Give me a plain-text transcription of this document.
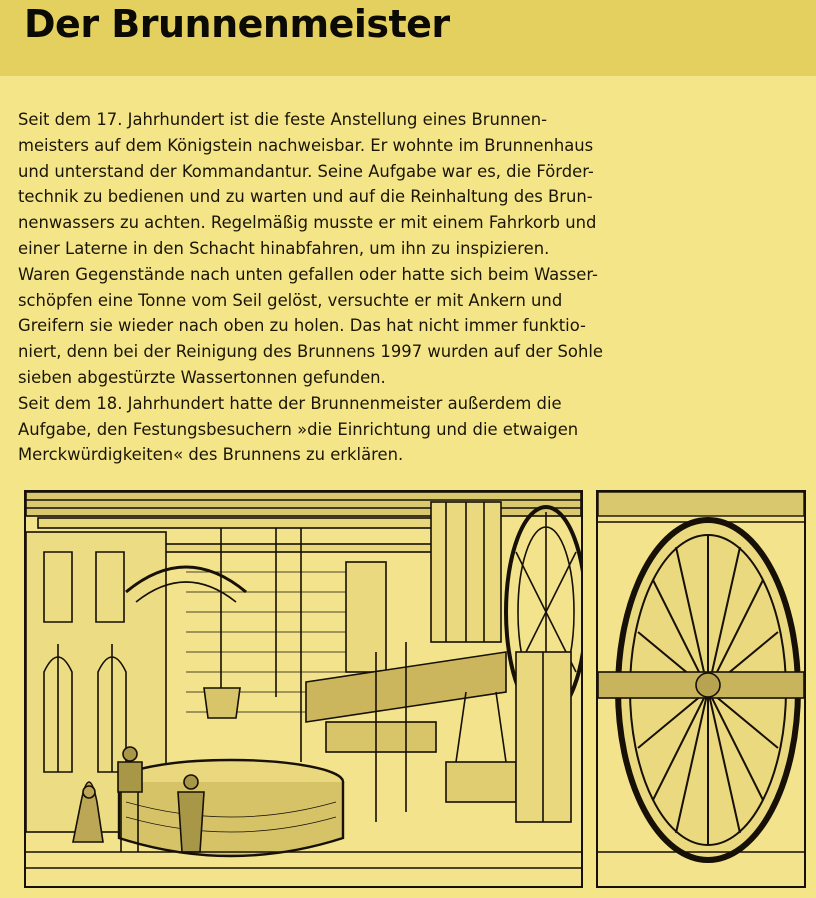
Der Brunnenmeister
Seit dem 17. Jahrhundert ist die feste Anstellung eines Brunnen-
meisters auf dem Königstein nachweisbar. Er wohnte im Brunnenhaus
und unterstand der Kommandantur. Seine Aufgabe war es, die Förder-
technik zu bedienen und zu warten und auf die Reinhaltung des Brun-
nenwassers zu achten. Regelmäßig musste er mit einem Fahrkorb und
einer Laterne in den Schacht hinabfahren, um ihn zu inspizieren.
Waren Gegenstände nach unten gefallen oder hatte sich beim Wasser-
schöpfen eine Tonne vom Seil gelöst, versuchte er mit Ankern und
Greifern sie wieder nach oben zu holen. Das hat nicht immer funktio-
niert, denn bei der Reinigung des Brunnens 1997 wurden auf der Sohle
sieben abgestürzte Wassertonnen gefunden.
Seit dem 18. Jahrhundert hatte der Brunnenmeister außerdem die
Aufgabe, den Festungsbesuchern »die Einrichtung und die etwaigen
Merckwürdigkeiten« des Brunnens zu erklären.
